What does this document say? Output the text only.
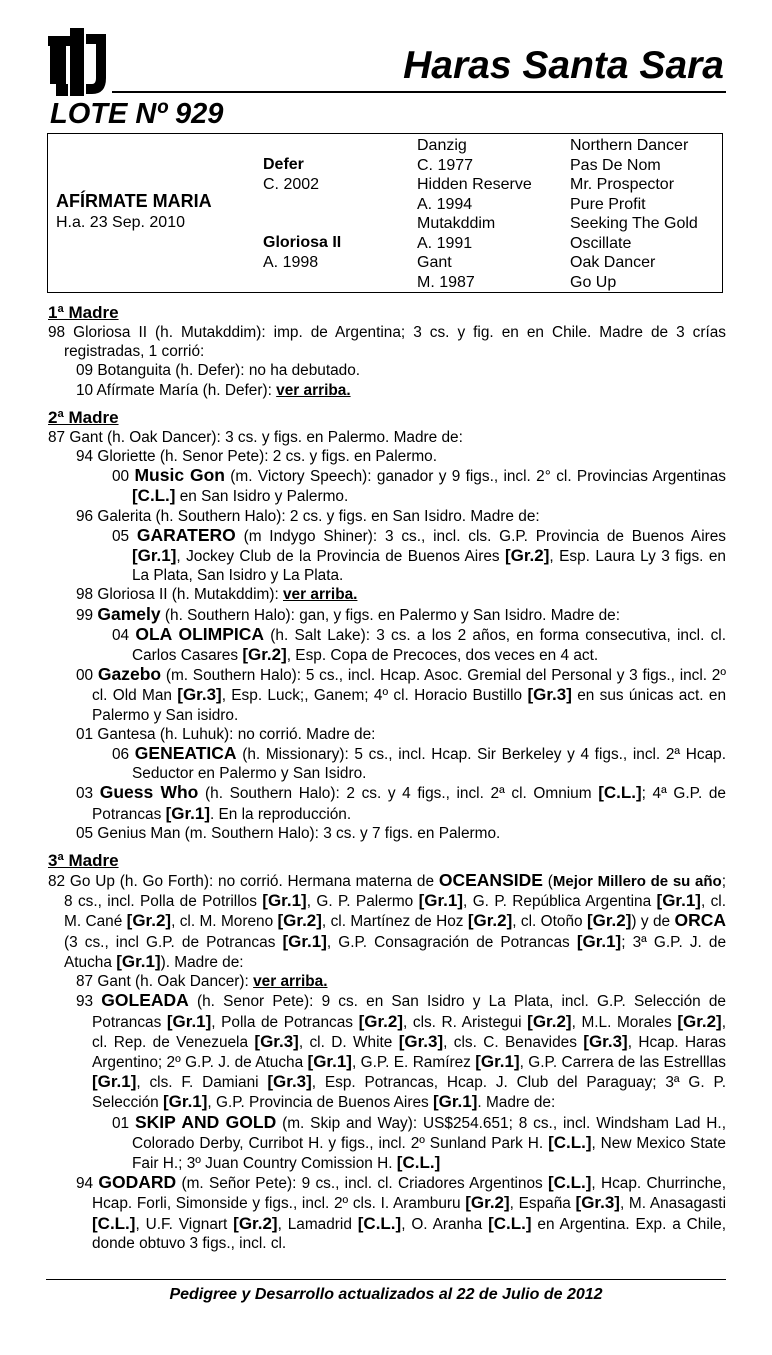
Haras Santa Sara
LOTE Nº 929
AFÍRMATE MARIA
H.a. 23 Sep. 2010
Defer
C. 2002
Gloriosa II
A. 1998
Danzig
C. 1977
Hidden Reserve
A. 1994
Mutakddim
A. 1991
Gant
M. 1987
Northern Dancer
Pas De Nom
Mr. Prospector
Pure Profit
Seeking The Gold
Oscillate
Oak Dancer
Go Up
1ª Madre
98 Gloriosa II (h. Mutakddim): imp. de Argentina; 3 cs. y fig. en en Chile. Madre de 3 crías registradas, 1 corrió:
09 Botanguita (h. Defer): no ha debutado.
10 Afírmate María (h. Defer): ver arriba.
2ª Madre
87 Gant (h. Oak Dancer): 3 cs. y figs. en Palermo. Madre de:
94 Gloriette (h. Senor Pete): 2 cs. y figs. en Palermo.
00 Music Gon (m. Victory Speech): ganador y 9 figs., incl. 2° cl. Provincias Argentinas [C.L.] en San Isidro y Palermo.
96 Galerita (h. Southern Halo): 2 cs. y figs. en San Isidro. Madre de:
05 GARATERO (m Indygo Shiner): 3 cs., incl. cls. G.P. Provincia de Buenos Aires [Gr.1], Jockey Club de la Provincia de Buenos Aires [Gr.2], Esp. Laura Ly 3 figs. en La Plata, San Isidro y La Plata.
98 Gloriosa II (h. Mutakddim): ver arriba.
99 Gamely (h. Southern Halo): gan, y figs. en Palermo y San Isidro. Madre de:
04 OLA OLIMPICA (h. Salt Lake): 3 cs. a los 2 años, en forma consecutiva, incl. cl. Carlos Casares [Gr.2], Esp. Copa de Precoces, dos veces en 4 act.
00 Gazebo (m. Southern Halo): 5 cs., incl. Hcap. Asoc. Gremial del Personal y 3 figs., incl. 2º cl. Old Man [Gr.3], Esp. Luck;, Ganem; 4º cl. Horacio Bustillo [Gr.3] en sus únicas act. en Palermo y San isidro.
01 Gantesa (h. Luhuk): no corrió. Madre de:
06 GENEATICA (h. Missionary): 5 cs., incl. Hcap. Sir Berkeley y 4 figs., incl. 2ª Hcap. Seductor en Palermo y San Isidro.
03 Guess Who (h. Southern Halo): 2 cs. y 4 figs., incl. 2ª cl. Omnium [C.L.]; 4ª G.P. de Potrancas [Gr.1]. En la reproducción.
05 Genius Man (m. Southern Halo): 3 cs. y 7 figs. en Palermo.
3ª Madre
82 Go Up (h. Go Forth): no corrió. Hermana materna de OCEANSIDE (Mejor Millero de su año; 8 cs., incl. Polla de Potrillos [Gr.1], G. P. Palermo [Gr.1], G. P. República Argentina [Gr.1], cl. M. Cané [Gr.2], cl. M. Moreno [Gr.2], cl. Martínez de Hoz [Gr.2], cl. Otoño [Gr.2]) y de ORCA (3 cs., incl G.P. de Potrancas [Gr.1], G.P. Consagración de Potrancas [Gr.1]; 3ª G.P. J. de Atucha [Gr.1]). Madre de:
87 Gant (h. Oak Dancer): ver arriba.
93 GOLEADA (h. Senor Pete): 9 cs. en San Isidro y La Plata, incl. G.P. Selección de Potrancas [Gr.1], Polla de Potrancas [Gr.2], cls. R. Aristegui [Gr.2], M.L. Morales [Gr.2], cl. Rep. de Venezuela [Gr.3], cl. D. White [Gr.3], cls. C. Benavides [Gr.3], Hcap. Haras Argentino; 2º G.P. J. de Atucha [Gr.1], G.P. E. Ramírez [Gr.1], G.P. Carrera de las Estrelllas [Gr.1], cls. F. Damiani [Gr.3], Esp. Potrancas, Hcap. J. Club del Paraguay; 3ª G. P. Selección [Gr.1], G.P. Provincia de Buenos Aires [Gr.1]. Madre de:
01 SKIP AND GOLD (m. Skip and Way): US$254.651; 8 cs., incl. Windsham Lad H., Colorado Derby, Curribot H. y figs., incl. 2º Sunland Park H. [C.L.], New Mexico State Fair H.; 3º Juan Country Comission H. [C.L.]
94 GODARD (m. Señor Pete): 9 cs., incl. cl. Criadores Argentinos [C.L.], Hcap. Churrinche, Hcap. Forli, Simonside y figs., incl. 2º cls. I. Aramburu [Gr.2], España [Gr.3], M. Anasagasti [C.L.], U.F. Vignart [Gr.2], Lamadrid [C.L.], O. Aranha [C.L.] en Argentina. Exp. a Chile, donde obtuvo 3 figs., incl. cl.
Pedigree y Desarrollo actualizados al 22 de Julio de 2012
